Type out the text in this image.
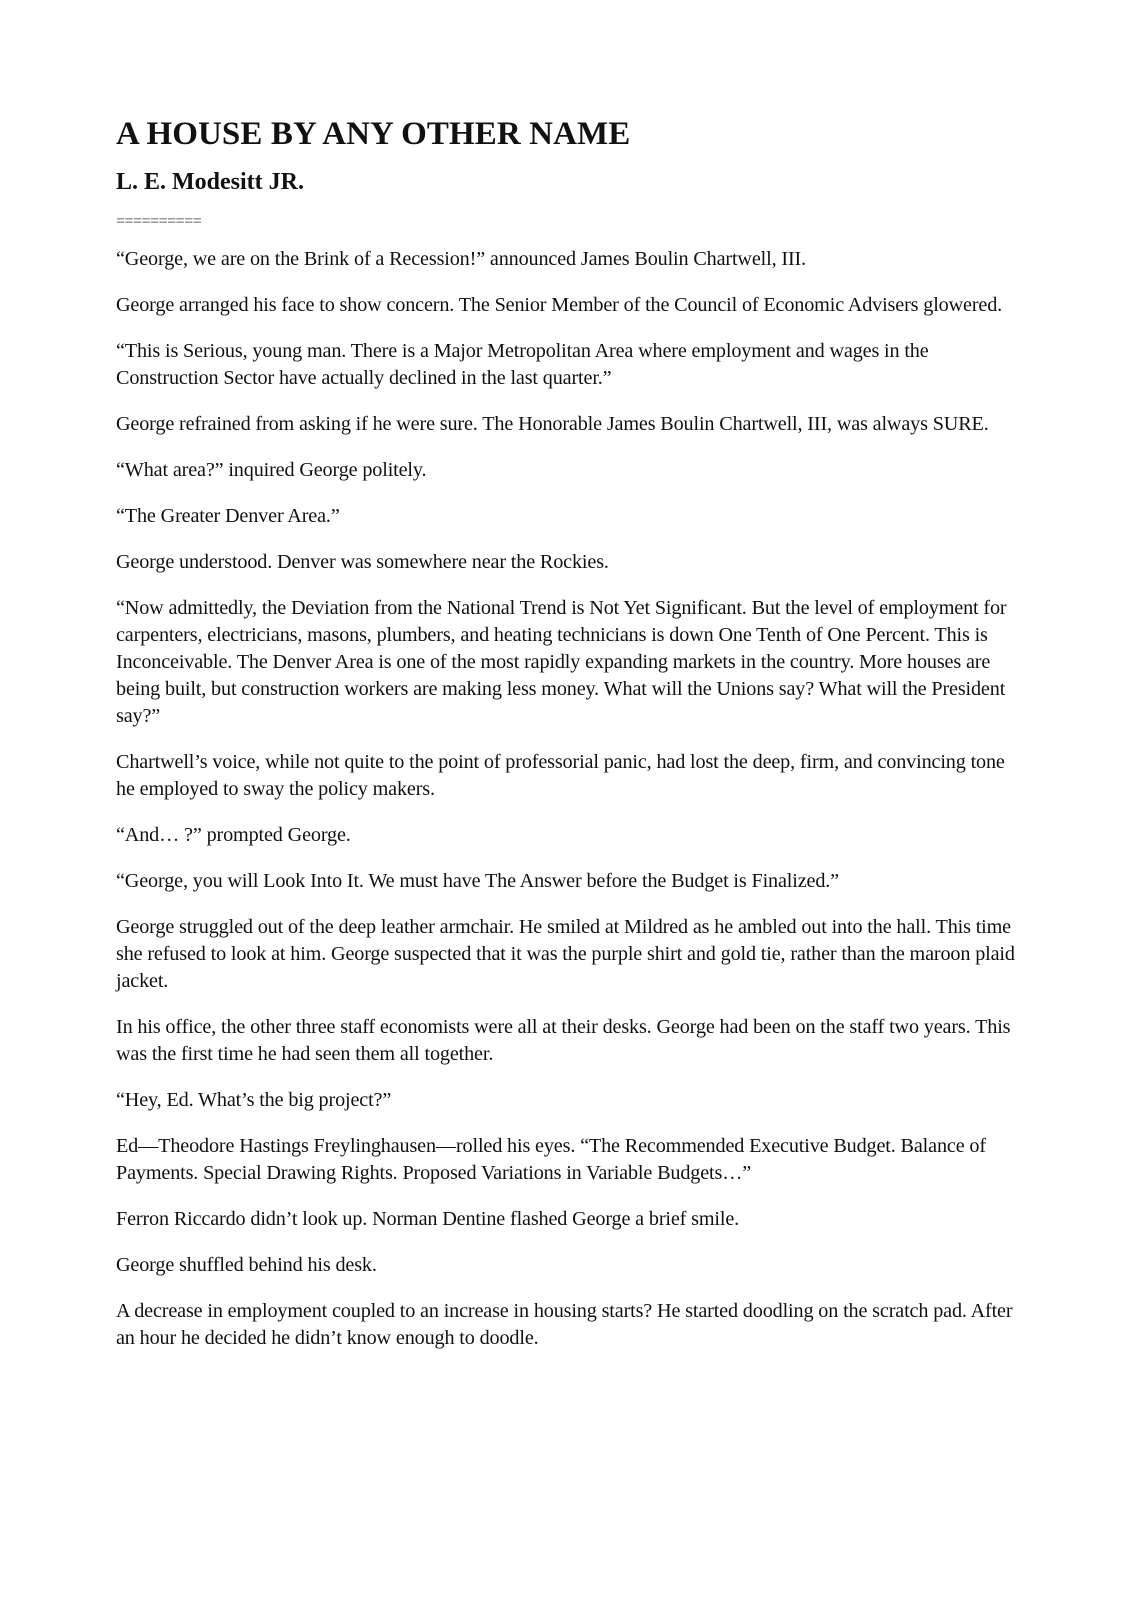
A HOUSE BY ANY OTHER NAME
L. E. Modesitt JR.
==========

“George, we are on the Brink of a Recession!” announced James Boulin Chartwell, III.

George arranged his face to show concern. The Senior Member of the Council of Economic Advisers glowered.

“This is Serious, young man. There is a Major Metropolitan Area where employment and wages in the Construction Sector have actually declined in the last quarter.”

George refrained from asking if he were sure. The Honorable James Boulin Chartwell, III, was always SURE.

“What area?” inquired George politely.

“The Greater Denver Area.”

George understood. Denver was somewhere near the Rockies.

“Now admittedly, the Deviation from the National Trend is Not Yet Significant. But the level of employment for carpenters, electricians, masons, plumbers, and heating technicians is down One Tenth of One Percent. This is Inconceivable. The Denver Area is one of the most rapidly expanding markets in the country. More houses are being built, but construction workers are making less money. What will the Unions say? What will the President say?”

Chartwell’s voice, while not quite to the point of professorial panic, had lost the deep, firm, and convincing tone he employed to sway the policy makers.

“And… ?” prompted George.

“George, you will Look Into It. We must have The Answer before the Budget is Finalized.”

George struggled out of the deep leather armchair. He smiled at Mildred as he ambled out into the hall. This time she refused to look at him. George suspected that it was the purple shirt and gold tie, rather than the maroon plaid jacket.

In his office, the other three staff economists were all at their desks. George had been on the staff two years. This was the first time he had seen them all together.

“Hey, Ed. What’s the big project?”

Ed—Theodore Hastings Freylinghausen—rolled his eyes. “The Recommended Executive Budget. Balance of Payments. Special Drawing Rights. Proposed Variations in Variable Budgets…”

Ferron Riccardo didn’t look up. Norman Dentine flashed George a brief smile.

George shuffled behind his desk.

A decrease in employment coupled to an increase in housing starts? He started doodling on the scratch pad. After an hour he decided he didn’t know enough to doodle.
